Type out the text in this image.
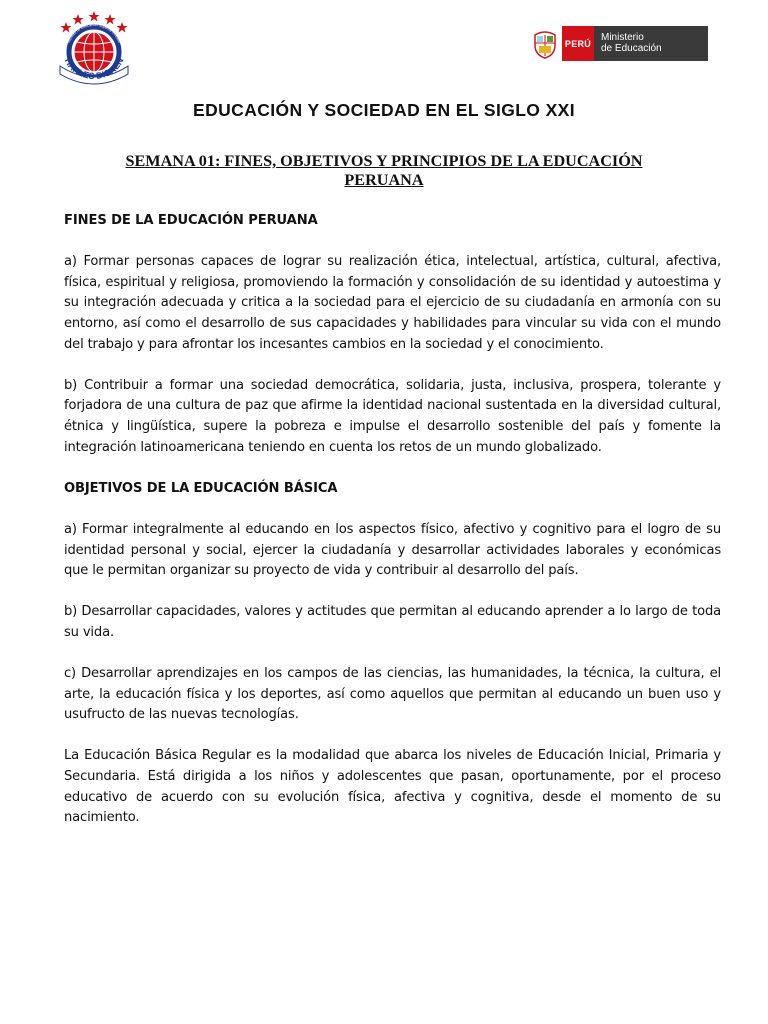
HARLES DICKEN
Instituto de Educación Superior Privado	PERÚ
Ministerio
de Educación
EDUCACIÓN Y SOCIEDAD EN EL SIGLO XXI
SEMANA 01: FINES, OBJETIVOS Y PRINCIPIOS DE LA EDUCACIÓN PERUANA
FINES DE LA EDUCACIÓN PERUANA

a) Formar personas capaces de lograr su realización ética, intelectual, artística, cultural, afectiva, física, espiritual y religiosa, promoviendo la formación y consolidación de su identidad y autoestima y su integración adecuada y critica a la sociedad para el ejercicio de su ciudadanía en armonía con su entorno, así como el desarrollo de sus capacidades y habilidades para vincular su vida con el mundo del trabajo y para afrontar los incesantes cambios en la sociedad y el conocimiento.

b) Contribuir a formar una sociedad democrática, solidaria, justa, inclusiva, prospera, tolerante y forjadora de una cultura de paz que afirme la identidad nacional sustentada en la diversidad cultural, étnica y lingüística, supere la pobreza e impulse el desarrollo sostenible del país y fomente la integración latinoamericana teniendo en cuenta los retos de un mundo globalizado.

OBJETIVOS DE LA EDUCACIÓN BÁSICA

a) Formar integralmente al educando en los aspectos físico, afectivo y cognitivo para el logro de su identidad personal y social, ejercer la ciudadanía y desarrollar actividades laborales y económicas que le permitan organizar su proyecto de vida y contribuir al desarrollo del país.

b) Desarrollar capacidades, valores y actitudes que permitan al educando aprender a lo largo de toda su vida.

c) Desarrollar aprendizajes en los campos de las ciencias, las humanidades, la técnica, la cultura, el arte, la educación física y los deportes, así como aquellos que permitan al educando un buen uso y usufructo de las nuevas tecnologías.

La Educación Básica Regular es la modalidad que abarca los niveles de Educación Inicial, Primaria y Secundaria. Está dirigida a los niños y adolescentes que pasan, oportunamente, por el proceso educativo de acuerdo con su evolución física, afectiva y cognitiva, desde el momento de su nacimiento.
